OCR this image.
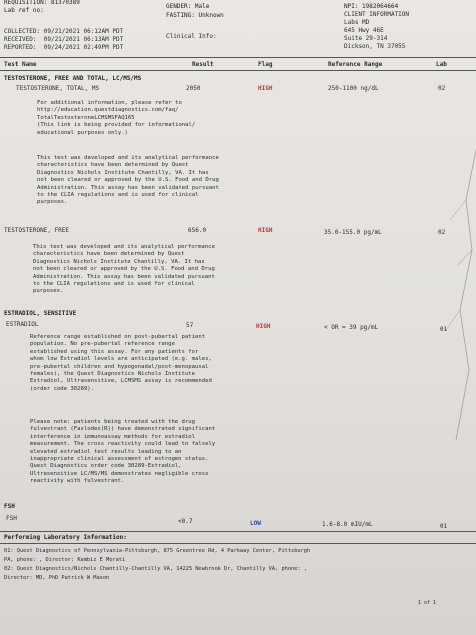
REQUISITION: 81370389
Lab ref no:
COLLECTED: 09/21/2021 06:12AM PDT
RECEIVED:  09/21/2021 06:13AM PDT
REPORTED:  09/24/2021 02:49PM PDT
GENDER: Male
FASTING: Unknown
Clinical Info:
NPI: 1982064664
CLIENT INFORMATION
Labs MD
645 Hwy 46E
Suite 29-314
Dickson, TN 37055
Test Name	Result	Flag	Reference Range	Lab
TESTOSTERONE, FREE AND TOTAL, LC/MS/MS
TESTOSTERONE, TOTAL, MS	2050	HIGH	250-1100 ng/dL	02
For additional information, please refer to
http://education.questdiagnostics.com/faq/
TotalTestosteroneLCMSMSFAQ165
(This link is being provided for informational/
educational purposes only.)
This test was developed and its analytical performance
characteristics have been determined by Quest
Diagnostics Nichols Institute Chantilly, VA. It has
not been cleared or approved by the U.S. Food and Drug
Administration. This assay has been validated pursuant
to the CLIA regulations and is used for clinical
purposes.
TESTOSTERONE, FREE	656.0	HIGH	35.0-155.0 pg/mL	02
This test was developed and its analytical performance
characteristics have been determined by Quest
Diagnostics Nichols Institute Chantilly, VA. It has
not been cleared or approved by the U.S. Food and Drug
Administration. This assay has been validated pursuant
to the CLIA regulations and is used for clinical
purposes.
ESTRADIOL, SENSITIVE
ESTRADIOL	57	HIGH	< OR = 39 pg/mL	01
Reference range established on post-pubertal patient
population. No pre-pubertal reference range
established using this assay. For any patients for
whom low Estradiol levels are anticipated (e.g. males,
pre-pubertal children and hypogonadal/post-menopausal
females), the Quest Diagnostics Nichols Institute
Estradiol, Ultrasensitive, LCMSMS assay is recommended
(order code 30289).
Please note: patients being treated with the drug
fulvestrant (Faslodex(R)) have demonstrated significant
interference in immunoassay methods for estradiol
measurement. The cross reactivity could lead to falsely
elevated estradiol test results leading to an
inappropriate clinical assessment of estrogen status.
Quest Diagnostics order code 30289-Estradiol,
Ultrasensitive LC/MS/MS demonstrates negligible cross
reactivity with fulvestrant.
FSH
FSH	<0.7	LOW	1.6-8.0 mIU/mL	01
Performing Laboratory Information:
01: Quest Diagnostics of Pennsylvania-Pittsburgh, 875 Greentree Rd, 4 Parkway Center, Pittsburgh
PA, phone: , Director: Kambiz E Merati
02: Quest Diagnostics/Nichols Chantilly-Chantilly VA, 14225 Newbrook Dr, Chantilly VA, phone: ,
Director: MD, PhD Patrick W Mason
1 of 1
